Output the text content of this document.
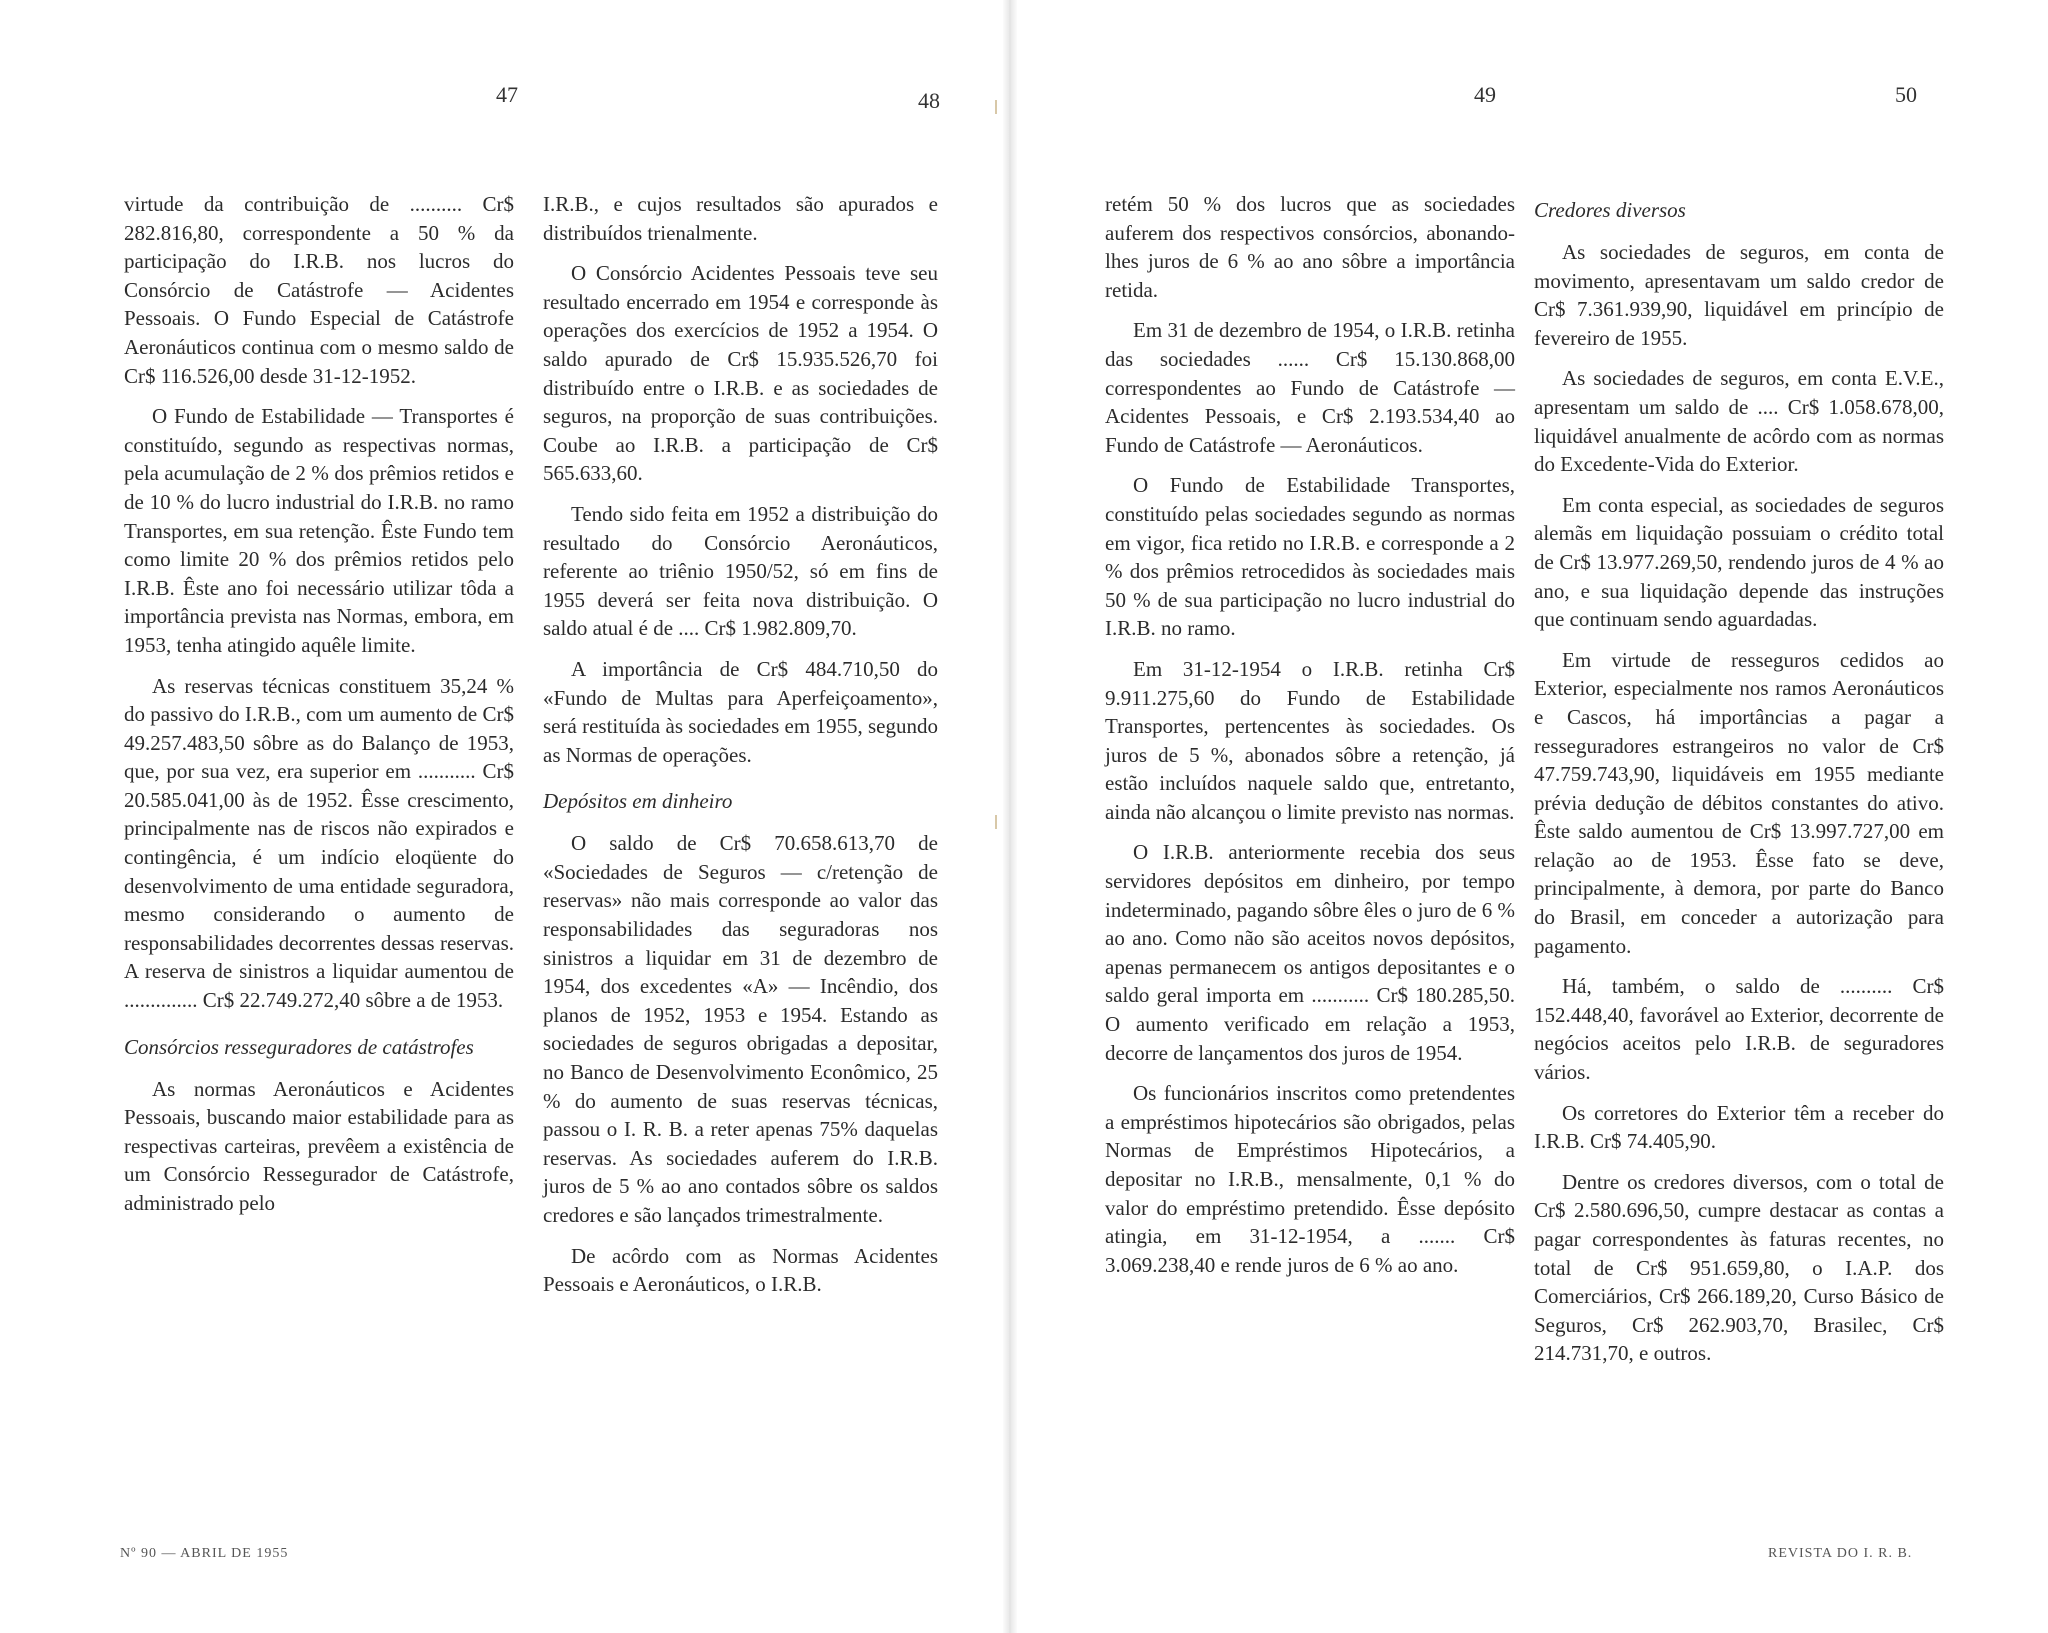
47	48	49	50

virtude da contribuição de .......... Cr$ 282.816,80, correspondente a 50 % da participação do I.R.B. nos lucros do Consórcio de Catástrofe — Acidentes Pessoais. O Fundo Especial de Catástrofe Aeronáuticos continua com o mesmo saldo de Cr$ 116.526,00 desde 31-12-1952.

O Fundo de Estabilidade — Transportes é constituído, segundo as respectivas normas, pela acumulação de 2 % dos prêmios retidos e de 10 % do lucro industrial do I.R.B. no ramo Transportes, em sua retenção. Êste Fundo tem como limite 20 % dos prêmios retidos pelo I.R.B. Êste ano foi necessário utilizar tôda a importância prevista nas Normas, embora, em 1953, tenha atingido aquêle limite.

As reservas técnicas constituem 35,24 % do passivo do I.R.B., com um aumento de Cr$ 49.257.483,50 sôbre as do Balanço de 1953, que, por sua vez, era superior em ........... Cr$ 20.585.041,00 às de 1952. Êsse crescimento, principalmente nas de riscos não expirados e contingência, é um indício eloqüente do desenvolvimento de uma entidade seguradora, mesmo considerando o aumento de responsabilidades decorrentes dessas reservas. A reserva de sinistros a liquidar aumentou de .............. Cr$ 22.749.272,40 sôbre a de 1953.

Consórcios resseguradores de catástrofes

As normas Aeronáuticos e Acidentes Pessoais, buscando maior estabilidade para as respectivas carteiras, prevêem a existência de um Consórcio Ressegurador de Catástrofe, administrado pelo

I.R.B., e cujos resultados são apurados e distribuídos trienalmente.

O Consórcio Acidentes Pessoais teve seu resultado encerrado em 1954 e corresponde às operações dos exercícios de 1952 a 1954. O saldo apurado de Cr$ 15.935.526,70 foi distribuído entre o I.R.B. e as sociedades de seguros, na proporção de suas contribuições. Coube ao I.R.B. a participação de Cr$ 565.633,60.

Tendo sido feita em 1952 a distribuição do resultado do Consórcio Aeronáuticos, referente ao triênio 1950/52, só em fins de 1955 deverá ser feita nova distribuição. O saldo atual é de .... Cr$ 1.982.809,70.

A importância de Cr$ 484.710,50 do «Fundo de Multas para Aperfeiçoamento», será restituída às sociedades em 1955, segundo as Normas de operações.

Depósitos em dinheiro

O saldo de Cr$ 70.658.613,70 de «Sociedades de Seguros — c/retenção de reservas» não mais corresponde ao valor das responsabilidades das seguradoras nos sinistros a liquidar em 31 de dezembro de 1954, dos excedentes «A» — Incêndio, dos planos de 1952, 1953 e 1954. Estando as sociedades de seguros obrigadas a depositar, no Banco de Desenvolvimento Econômico, 25 % do aumento de suas reservas técnicas, passou o I. R. B. a reter apenas 75% daquelas reservas. As sociedades auferem do I.R.B. juros de 5 % ao ano contados sôbre os saldos credores e são lançados trimestralmente.

De acôrdo com as Normas Acidentes Pessoais e Aeronáuticos, o I.R.B.

retém 50 % dos lucros que as sociedades auferem dos respectivos consórcios, abonando-lhes juros de 6 % ao ano sôbre a importância retida.

Em 31 de dezembro de 1954, o I.R.B. retinha das sociedades ...... Cr$ 15.130.868,00 correspondentes ao Fundo de Catástrofe — Acidentes Pessoais, e Cr$ 2.193.534,40 ao Fundo de Catástrofe — Aeronáuticos.

O Fundo de Estabilidade Transportes, constituído pelas sociedades segundo as normas em vigor, fica retido no I.R.B. e corresponde a 2 % dos prêmios retrocedidos às sociedades mais 50 % de sua participação no lucro industrial do I.R.B. no ramo.

Em 31-12-1954 o I.R.B. retinha Cr$ 9.911.275,60 do Fundo de Estabilidade Transportes, pertencentes às sociedades. Os juros de 5 %, abonados sôbre a retenção, já estão incluídos naquele saldo que, entretanto, ainda não alcançou o limite previsto nas normas.

O I.R.B. anteriormente recebia dos seus servidores depósitos em dinheiro, por tempo indeterminado, pagando sôbre êles o juro de 6 % ao ano. Como não são aceitos novos depósitos, apenas permanecem os antigos depositantes e o saldo geral importa em ........... Cr$ 180.285,50. O aumento verificado em relação a 1953, decorre de lançamentos dos juros de 1954.

Os funcionários inscritos como pretendentes a empréstimos hipotecários são obrigados, pelas Normas de Empréstimos Hipotecários, a depositar no I.R.B., mensalmente, 0,1 % do valor do empréstimo pretendido. Êsse depósito atingia, em 31-12-1954, a ....... Cr$ 3.069.238,40 e rende juros de 6 % ao ano.

Credores diversos

As sociedades de seguros, em conta de movimento, apresentavam um saldo credor de Cr$ 7.361.939,90, liquidável em princípio de fevereiro de 1955.

As sociedades de seguros, em conta E.V.E., apresentam um saldo de .... Cr$ 1.058.678,00, liquidável anualmente de acôrdo com as normas do Excedente-Vida do Exterior.

Em conta especial, as sociedades de seguros alemãs em liquidação possuiam o crédito total de Cr$ 13.977.269,50, rendendo juros de 4 % ao ano, e sua liquidação depende das instruções que continuam sendo aguardadas.

Em virtude de resseguros cedidos ao Exterior, especialmente nos ramos Aeronáuticos e Cascos, há importâncias a pagar a resseguradores estrangeiros no valor de Cr$ 47.759.743,90, liquidáveis em 1955 mediante prévia dedução de débitos constantes do ativo. Êste saldo aumentou de Cr$ 13.997.727,00 em relação ao de 1953. Êsse fato se deve, principalmente, à demora, por parte do Banco do Brasil, em conceder a autorização para pagamento.

Há, também, o saldo de .......... Cr$ 152.448,40, favorável ao Exterior, decorrente de negócios aceitos pelo I.R.B. de seguradores vários.

Os corretores do Exterior têm a receber do I.R.B. Cr$ 74.405,90.

Dentre os credores diversos, com o total de Cr$ 2.580.696,50, cumpre destacar as contas a pagar correspondentes às faturas recentes, no total de Cr$ 951.659,80, o I.A.P. dos Comerciários, Cr$ 266.189,20, Curso Básico de Seguros, Cr$ 262.903,70, Brasilec, Cr$ 214.731,70, e outros.

Nº 90 — ABRIL DE 1955	REVISTA DO I. R. B.
